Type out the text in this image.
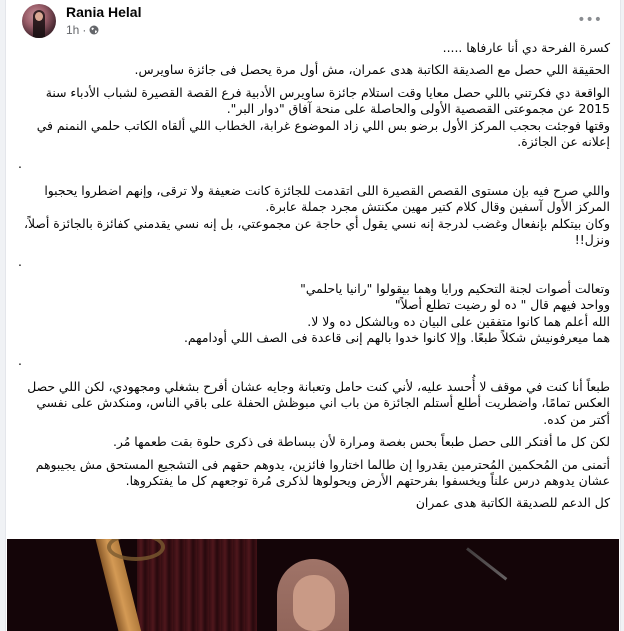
Rania Helal
1h ·
•••

كسرة الفرحة دي أنا عارفاها .....

الحقيقة اللي حصل مع الصديقة الكاتبة هدى عمران، مش أول مرة يحصل فى جائزة ساويرس.

الواقعة دي فكرتني باللي حصل معايا وقت استلام جائزة ساويرس الأدبية فرع القصة القصيرة لشباب الأدباء سنة 2015 عن مجموعتى القصصية الأولى والحاصلة على منحة آفاق "دوار البر".
وقتها فوجئت بحجب المركز الأول برضو بس اللي زاد الموضوع غرابة، الخطاب اللي ألقاه الكاتب حلمي النمنم في إعلانه عن الجائزة.

.

واللي صرح فيه بإن مستوى القصص القصيرة اللى اتقدمت للجائزة كانت ضعيفة ولا ترقى، وإنهم اضطروا يحجبوا المركز الأول آسفين وقال كلام كتير مهين مكنتش مجرد جملة عابرة.
وكان بيتكلم بإنفعال وغضب لدرجة إنه نسي يقول أي حاجة عن مجموعتي، بل إنه نسي يقدمني كفائزة بالجائزة أصلاً، ونزل!!

.

وتعالت أصوات لجنة التحكيم ورايا وهما بيقولوا "رانيا ياحلمي"
وواحد فيهم قال " ده لو رضيت تطلع أصلاً"
الله أعلم هما كانوا متفقين على البيان ده وبالشكل ده ولا لا.
هما ميعرفونيش شكلاً طبعًا. وإلا كانوا خدوا بالهم إنى قاعدة فى الصف اللي أودامهم.

.

طبعاً أنا كنت في موقف لا أُحسد عليه، لأني كنت حامل وتعبانة وجايه عشان أفرح بشغلي ومجهودي، لكن اللي حصل العكس تمامًا، واضطريت أطلع أستلم الجائزة من باب اني مبوظش الحفلة على باقي الناس، ومنكدش على نفسي أكتر من كده.

لكن كل ما أفتكر اللى حصل طبعاً بحس بغصة ومرارة لأن ببساطة فى ذكرى حلوة بقت طعمها مُر.

أتمنى من المُحكمين المُحترمين يقدروا إن طالما اختاروا فائزين، يدوهم حقهم فى التشجيع المستحق مش يجيبوهم عشان يدوهم درس علناً ويخسفوا بفرحتهم الأرض ويحولوها لذكرى مُرة توجعهم كل ما يفتكروها.

كل الدعم للصديقة الكاتبة هدى عمران
